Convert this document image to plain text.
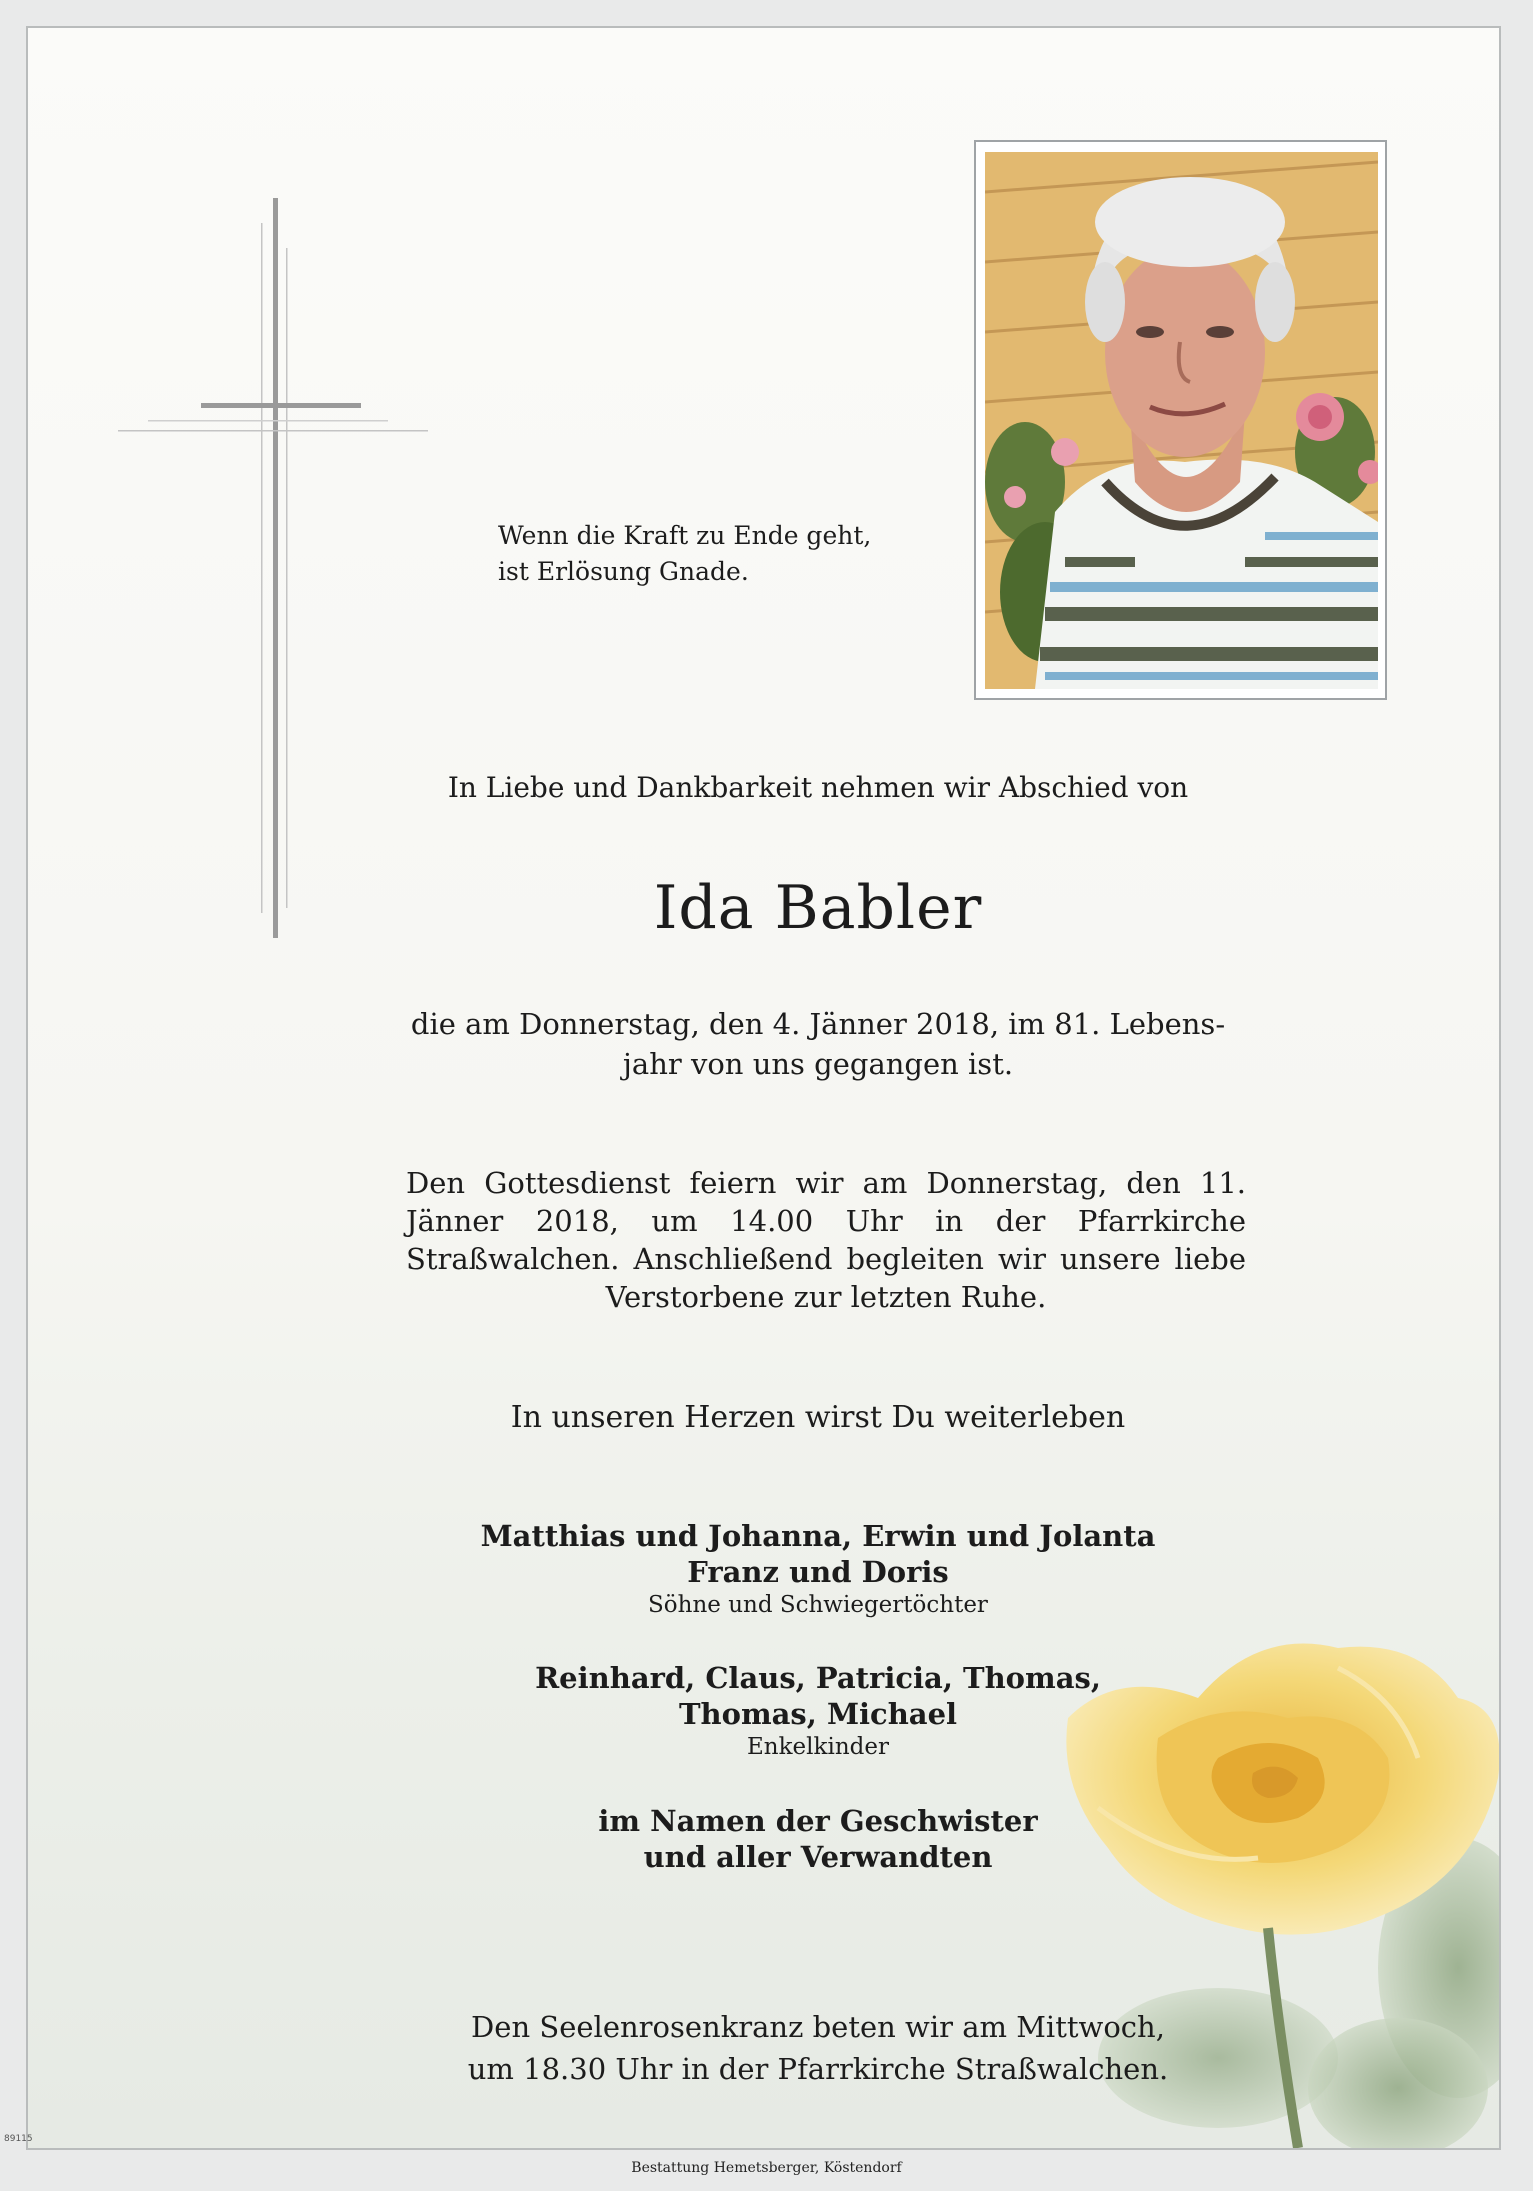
Wenn die Kraft zu Ende geht,
ist Erlösung Gnade.
In Liebe und Dankbarkeit nehmen wir Abschied von
Ida Babler
die am Donnerstag, den 4. Jänner 2018, im 81. Lebens-
jahr von uns gegangen ist.
Den Gottesdienst feiern wir am Donnerstag, den 11. Jänner 2018, um 14.00 Uhr in der Pfarrkirche Straßwalchen. Anschließend begleiten wir unsere liebe Verstorbene zur letzten Ruhe.
In unseren Herzen wirst Du weiterleben
Matthias und Johanna, Erwin und Jolanta
Franz und Doris
Söhne und Schwiegertöchter
Reinhard, Claus, Patricia, Thomas,
Thomas, Michael
Enkelkinder
im Namen der Geschwister
und aller Verwandten
Den Seelenrosenkranz beten wir am Mittwoch,
um 18.30 Uhr in der Pfarrkirche Straßwalchen.
89115
Bestattung Hemetsberger, Köstendorf
